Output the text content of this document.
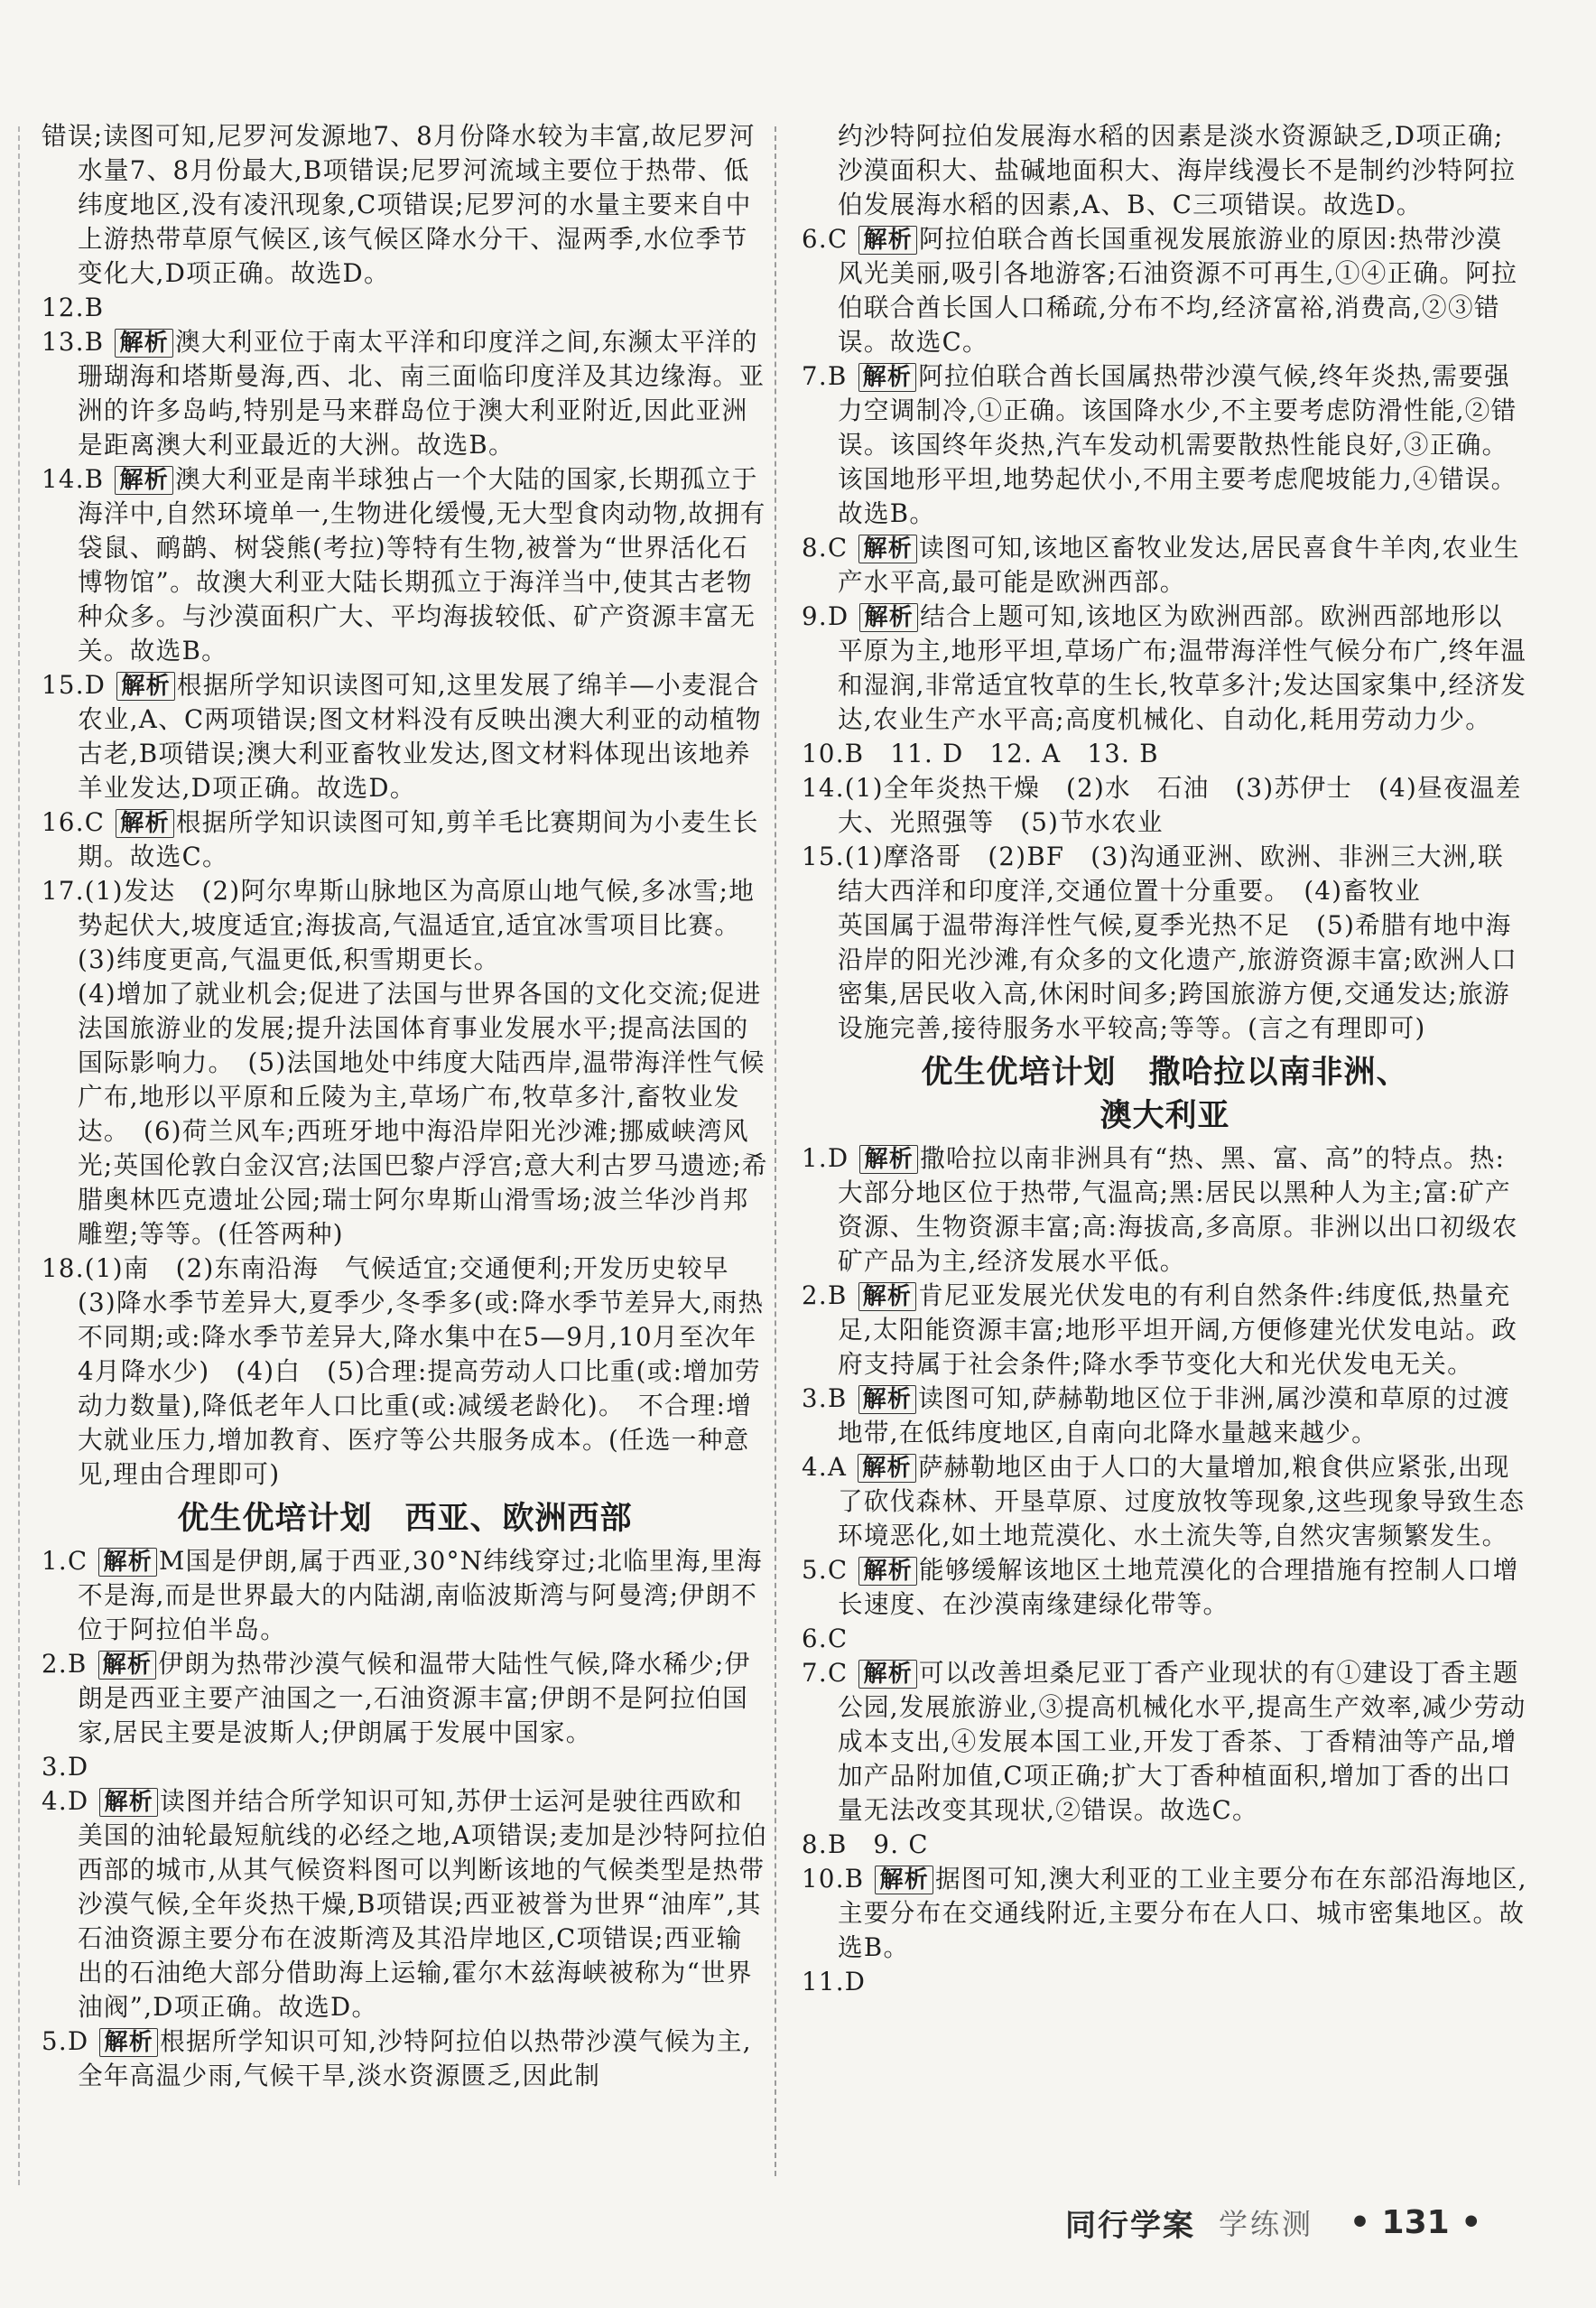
错误;读图可知,尼罗河发源地7、8月份降水较为丰富,故尼罗河水量7、8月份最大,B项错误;尼罗河流域主要位于热带、低纬度地区,没有凌汛现象,C项错误;尼罗河的水量主要来自中上游热带草原气候区,该气候区降水分干、湿两季,水位季节变化大,D项正确。故选D。

12.B

13.B 解析 澳大利亚位于南太平洋和印度洋之间,东濒太平洋的珊瑚海和塔斯曼海,西、北、南三面临印度洋及其边缘海。亚洲的许多岛屿,特别是马来群岛位于澳大利亚附近,因此亚洲是距离澳大利亚最近的大洲。故选B。

14.B 解析 澳大利亚是南半球独占一个大陆的国家,长期孤立于海洋中,自然环境单一,生物进化缓慢,无大型食肉动物,故拥有袋鼠、鸸鹋、树袋熊(考拉)等特有生物,被誉为“世界活化石博物馆”。故澳大利亚大陆长期孤立于海洋当中,使其古老物种众多。与沙漠面积广大、平均海拔较低、矿产资源丰富无关。故选B。

15.D 解析 根据所学知识读图可知,这里发展了绵羊—小麦混合农业,A、C两项错误;图文材料没有反映出澳大利亚的动植物古老,B项错误;澳大利亚畜牧业发达,图文材料体现出该地养羊业发达,D项正确。故选D。

16.C 解析 根据所学知识读图可知,剪羊毛比赛期间为小麦生长期。故选C。

17.(1)发达　(2)阿尔卑斯山脉地区为高原山地气候,多冰雪;地势起伏大,坡度适宜;海拔高,气温适宜,适宜冰雪项目比赛。　(3)纬度更高,气温更低,积雪期更长。

(4)增加了就业机会;促进了法国与世界各国的文化交流;促进法国旅游业的发展;提升法国体育事业发展水平;提高法国的国际影响力。　(5)法国地处中纬度大陆西岸,温带海洋性气候广布,地形以平原和丘陵为主,草场广布,牧草多汁,畜牧业发达。　(6)荷兰风车;西班牙地中海沿岸阳光沙滩;挪威峡湾风光;英国伦敦白金汉宫;法国巴黎卢浮宫;意大利古罗马遗迹;希腊奥林匹克遗址公园;瑞士阿尔卑斯山滑雪场;波兰华沙肖邦雕塑;等等。(任答两种)

18.(1)南　(2)东南沿海　气候适宜;交通便利;开发历史较早　(3)降水季节差异大,夏季少,冬季多(或:降水季节差异大,雨热不同期;或:降水季节差异大,降水集中在5—9月,10月至次年4月降水少)　(4)白　(5)合理:提高劳动人口比重(或:增加劳动力数量),降低老年人口比重(或:减缓老龄化)。　不合理:增大就业压力,增加教育、医疗等公共服务成本。(任选一种意见,理由合理即可)

优生优培计划　西亚、欧洲西部

1.C 解析 M国是伊朗,属于西亚,30°N纬线穿过;北临里海,里海不是海,而是世界最大的内陆湖,南临波斯湾与阿曼湾;伊朗不位于阿拉伯半岛。

2.B 解析 伊朗为热带沙漠气候和温带大陆性气候,降水稀少;伊朗是西亚主要产油国之一,石油资源丰富;伊朗不是阿拉伯国家,居民主要是波斯人;伊朗属于发展中国家。

3.D

4.D 解析 读图并结合所学知识可知,苏伊士运河是驶往西欧和美国的油轮最短航线的必经之地,A项错误;麦加是沙特阿拉伯西部的城市,从其气候资料图可以判断该地的气候类型是热带沙漠气候,全年炎热干燥,B项错误;西亚被誉为世界“油库”,其石油资源主要分布在波斯湾及其沿岸地区,C项错误;西亚输出的石油绝大部分借助海上运输,霍尔木兹海峡被称为“世界油阀”,D项正确。故选D。

5.D 解析 根据所学知识可知,沙特阿拉伯以热带沙漠气候为主,全年高温少雨,气候干旱,淡水资源匮乏,因此制

约沙特阿拉伯发展海水稻的因素是淡水资源缺乏,D项正确;沙漠面积大、盐碱地面积大、海岸线漫长不是制约沙特阿拉伯发展海水稻的因素,A、B、C三项错误。故选D。

6.C 解析 阿拉伯联合酋长国重视发展旅游业的原因:热带沙漠风光美丽,吸引各地游客;石油资源不可再生,①④正确。阿拉伯联合酋长国人口稀疏,分布不均,经济富裕,消费高,②③错误。故选C。

7.B 解析 阿拉伯联合酋长国属热带沙漠气候,终年炎热,需要强力空调制冷,①正确。该国降水少,不主要考虑防滑性能,②错误。该国终年炎热,汽车发动机需要散热性能良好,③正确。该国地形平坦,地势起伏小,不用主要考虑爬坡能力,④错误。故选B。

8.C 解析 读图可知,该地区畜牧业发达,居民喜食牛羊肉,农业生产水平高,最可能是欧洲西部。

9.D 解析 结合上题可知,该地区为欧洲西部。欧洲西部地形以平原为主,地形平坦,草场广布;温带海洋性气候分布广,终年温和湿润,非常适宜牧草的生长,牧草多汁;发达国家集中,经济发达,农业生产水平高;高度机械化、自动化,耗用劳动力少。

10.B　11. D　12. A　13. B

14.(1)全年炎热干燥　(2)水　石油　(3)苏伊士　(4)昼夜温差大、光照强等　(5)节水农业

15.(1)摩洛哥　(2)BF　(3)沟通亚洲、欧洲、非洲三大洲,联结大西洋和印度洋,交通位置十分重要。　(4)畜牧业

英国属于温带海洋性气候,夏季光热不足　(5)希腊有地中海沿岸的阳光沙滩,有众多的文化遗产,旅游资源丰富;欧洲人口密集,居民收入高,休闲时间多;跨国旅游方便,交通发达;旅游设施完善,接待服务水平较高;等等。(言之有理即可)

优生优培计划　撒哈拉以南非洲、
澳大利亚

1.D 解析 撒哈拉以南非洲具有“热、黑、富、高”的特点。热:大部分地区位于热带,气温高;黑:居民以黑种人为主;富:矿产资源、生物资源丰富;高:海拔高,多高原。非洲以出口初级农矿产品为主,经济发展水平低。

2.B 解析 肯尼亚发展光伏发电的有利自然条件:纬度低,热量充足,太阳能资源丰富;地形平坦开阔,方便修建光伏发电站。政府支持属于社会条件;降水季节变化大和光伏发电无关。

3.B 解析 读图可知,萨赫勒地区位于非洲,属沙漠和草原的过渡地带,在低纬度地区,自南向北降水量越来越少。

4.A 解析 萨赫勒地区由于人口的大量增加,粮食供应紧张,出现了砍伐森林、开垦草原、过度放牧等现象,这些现象导致生态环境恶化,如土地荒漠化、水土流失等,自然灾害频繁发生。

5.C 解析 能够缓解该地区土地荒漠化的合理措施有控制人口增长速度、在沙漠南缘建绿化带等。

6.C

7.C 解析 可以改善坦桑尼亚丁香产业现状的有①建设丁香主题公园,发展旅游业,③提高机械化水平,提高生产效率,减少劳动成本支出,④发展本国工业,开发丁香茶、丁香精油等产品,增加产品附加值,C项正确;扩大丁香种植面积,增加丁香的出口量无法改变其现状,②错误。故选C。

8.B　9. C

10.B 解析 据图可知,澳大利亚的工业主要分布在东部沿海地区,主要分布在交通线附近,主要分布在人口、城市密集地区。故选B。

11.D

同行学案 学练测 • 131 •
